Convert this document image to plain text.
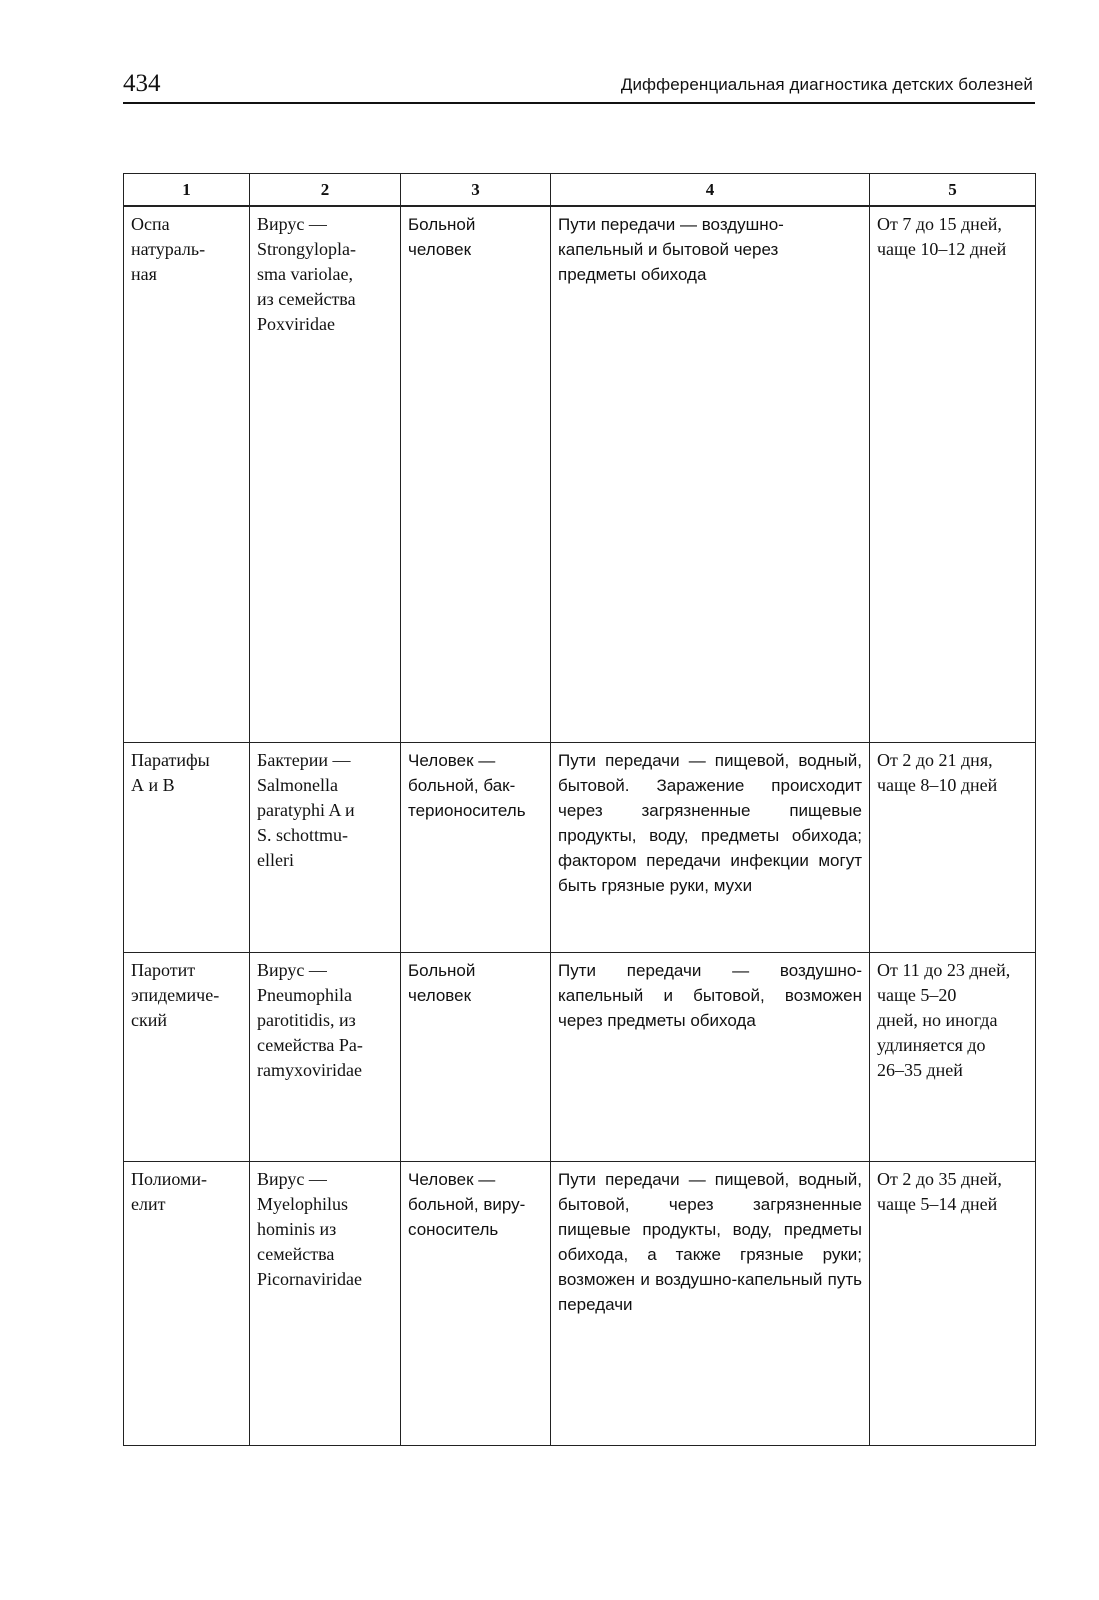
434	Дифференциальная диагностика детских болезней
1	2	3	4	5

Оспа
натураль-
ная	Вирус —
Strongylopla-
sma variolae,
из семейства
Poxviridae	Больной
человек	Пути передачи — воздушно-
капельный и бытовой через
предметы обихода	От 7 до 15 дней,
чаще 10–12 дней

Паратифы
А и В	Бактерии —
Salmonella
paratyphi A и
S. schottmu-
elleri	Человек —
больной, бак-
терионоситель	Пути передачи — пищевой, водный, бытовой. Заражение происходит через загрязненные пищевые продукты, воду, предметы обихода; фактором передачи инфекции могут быть грязные руки, мухи	От 2 до 21 дня,
чаще 8–10 дней

Паротит
эпидемиче-
ский	Вирус —
Pneumophila
parotitidis, из
семейства Pa-
ramyxoviridae	Больной
человек	Пути передачи — воздушно-капельный и бытовой, возможен через предметы обихода	От 11 до 23 дней,
чаще 5–20
дней, но иногда
удлиняется до
26–35 дней

Полиоми-
елит	Вирус —
Myelophilus
hominis из
семейства
Picornaviridae	Человек —
больной, виру-
соноситель	Пути передачи — пищевой, водный, бытовой, через загрязненные пищевые продукты, воду, предметы обихода, а также грязные руки; возможен и воздушно-капельный путь передачи	От 2 до 35 дней,
чаще 5–14 дней
